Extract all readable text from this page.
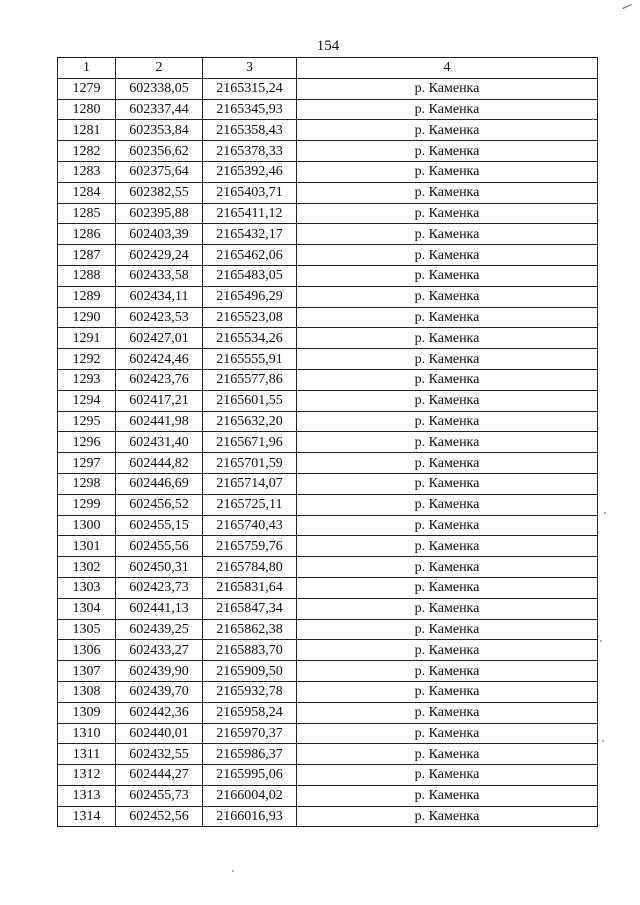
154
1	2	3	4
1279	602338,05	2165315,24	р. Каменка
1280	602337,44	2165345,93	р. Каменка
1281	602353,84	2165358,43	р. Каменка
1282	602356,62	2165378,33	р. Каменка
1283	602375,64	2165392,46	р. Каменка
1284	602382,55	2165403,71	р. Каменка
1285	602395,88	2165411,12	р. Каменка
1286	602403,39	2165432,17	р. Каменка
1287	602429,24	2165462,06	р. Каменка
1288	602433,58	2165483,05	р. Каменка
1289	602434,11	2165496,29	р. Каменка
1290	602423,53	2165523,08	р. Каменка
1291	602427,01	2165534,26	р. Каменка
1292	602424,46	2165555,91	р. Каменка
1293	602423,76	2165577,86	р. Каменка
1294	602417,21	2165601,55	р. Каменка
1295	602441,98	2165632,20	р. Каменка
1296	602431,40	2165671,96	р. Каменка
1297	602444,82	2165701,59	р. Каменка
1298	602446,69	2165714,07	р. Каменка
1299	602456,52	2165725,11	р. Каменка
1300	602455,15	2165740,43	р. Каменка
1301	602455,56	2165759,76	р. Каменка
1302	602450,31	2165784,80	р. Каменка
1303	602423,73	2165831,64	р. Каменка
1304	602441,13	2165847,34	р. Каменка
1305	602439,25	2165862,38	р. Каменка
1306	602433,27	2165883,70	р. Каменка
1307	602439,90	2165909,50	р. Каменка
1308	602439,70	2165932,78	р. Каменка
1309	602442,36	2165958,24	р. Каменка
1310	602440,01	2165970,37	р. Каменка
1311	602432,55	2165986,37	р. Каменка
1312	602444,27	2165995,06	р. Каменка
1313	602455,73	2166004,02	р. Каменка
1314	602452,56	2166016,93	р. Каменка
